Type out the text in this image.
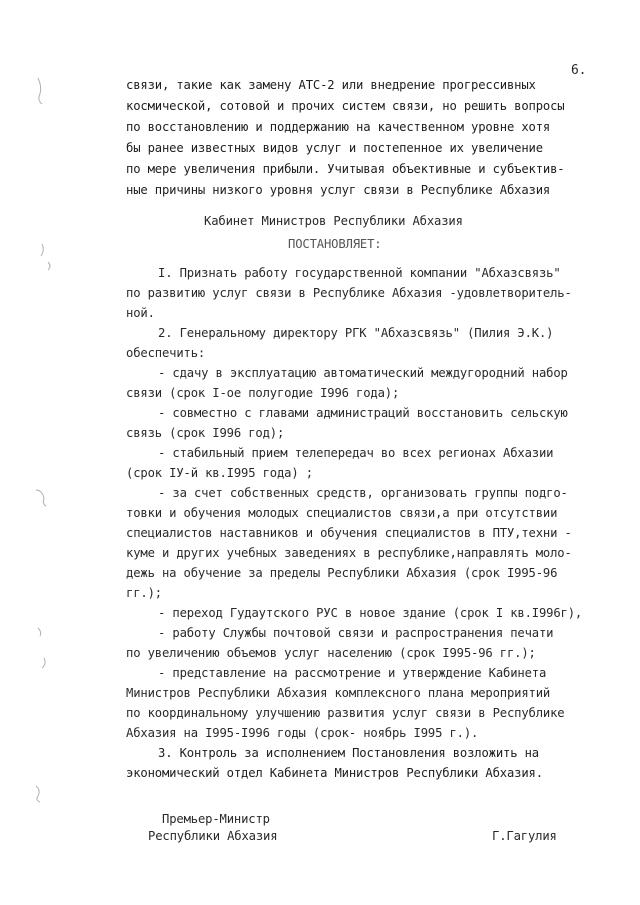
6.
связи, такие как замену АТС-2 или внедрение прогрессивных
космической, сотовой и прочих систем связи, но решить вопросы
по восстановлению и поддержанию на качественном уровне хотя
бы ранее известных видов услуг и постепенное их увеличение
по мере увеличения прибыли. Учитывая объективные и субъектив-
ные причины низкого уровня услуг связи в Республике Абхазия
Кабинет Министров Республики Абхазия
ПОСТАНОВЛЯЕТ:
I. Признать работу государственной компании "Абхазсвязь"
по развитию услуг связи в Республике Абхазия -удовлетворитель-
ной.
2. Генеральному директору РГК "Абхазсвязь" (Пилия Э.К.)
обеспечить:
- сдачу в эксплуатацию автоматический междугородний набор
связи (срок I-ое полугодие I996 года);
- совместно с главами администраций восстановить сельскую
связь (срок I996 год);
- стабильный прием телепередач во всех регионах Абхазии
(срок IУ-й кв.I995 года) ;
- за счет собственных средств, организовать группы подго-
товки и обучения молодых специалистов связи,а при отсутствии
специалистов наставников и обучения специалистов в ПТУ,техни -
куме и других учебных заведениях в республике,направлять моло-
дежь на обучение за пределы Республики Абхазия (срок I995-96
гг.);
- переход Гудаутского РУС в новое здание (срок I кв.I996г),
- работу Службы почтовой связи и распространения печати
по увеличению объемов услуг населению (срок I995-96 гг.);
- представление на рассмотрение и утверждение Кабинета
Министров Республики Абхазия комплексного плана мероприятий
по координальному улучшению развития услуг связи в Республике
Абхазия на I995-I996 годы (срок- ноябрь I995 г.).
3. Контроль за исполнением Постановления возложить на
экономический отдел Кабинета Министров Республики Абхазия.
Премьер-Министр
Республики Абхазия	Г.Гагулия
